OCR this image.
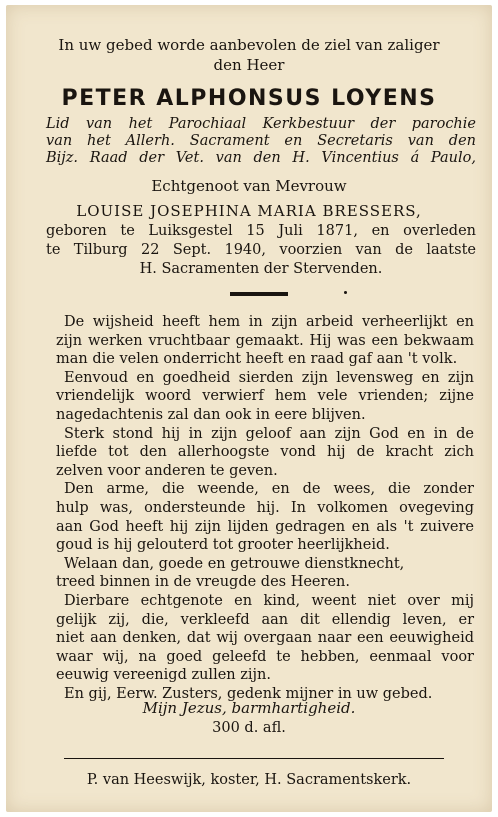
In uw gebed worde aanbevolen de ziel van zaliger
den Heer
PETER ALPHONSUS LOYENS
Lid van het Parochiaal Kerkbestuur der parochie
van het Allerh. Sacrament en Secretaris van den
Bijz. Raad der Vet. van den H. Vincentius á Paulo,
Echtgenoot van Mevrouw
LOUISE JOSEPHINA MARIA BRESSERS,
geboren te Luiksgestel 15 Juli 1871, en overleden
te Tilburg 22 Sept. 1940, voorzien van de laatste
H. Sacramenten der Stervenden.
De wijsheid heeft hem in zijn arbeid verheerlijkt en
zijn werken vruchtbaar gemaakt. Hij was een bekwaam
man die velen onderricht heeft en raad gaf aan 't volk.
Eenvoud en goedheid sierden zijn levensweg en zijn
vriendelijk woord verwierf hem vele vrienden; zijne
nagedachtenis zal dan ook in eere blijven.
Sterk stond hij in zijn geloof aan zijn God en in de
liefde tot den allerhoogste vond hij de kracht zich
zelven voor anderen te geven.
Den arme, die weende, en de wees, die zonder
hulp was, ondersteunde hij. In volkomen ovegeving
aan God heeft hij zijn lijden gedragen en als 't zuivere
goud is hij gelouterd tot grooter heerlijkheid.
Welaan dan, goede en getrouwe dienstknecht,
treed binnen in de vreugde des Heeren.
Dierbare echtgenote en kind, weent niet over mij
gelijk zij, die, verkleefd aan dit ellendig leven, er
niet aan denken, dat wij overgaan naar een eeuwigheid
waar wij, na goed geleefd te hebben, eenmaal voor
eeuwig vereenigd zullen zijn.
En gij, Eerw. Zusters, gedenk mijner in uw gebed.
Mijn Jezus, barmhartigheid.
300 d. afl.
P. van Heeswijk, koster, H. Sacramentskerk.
